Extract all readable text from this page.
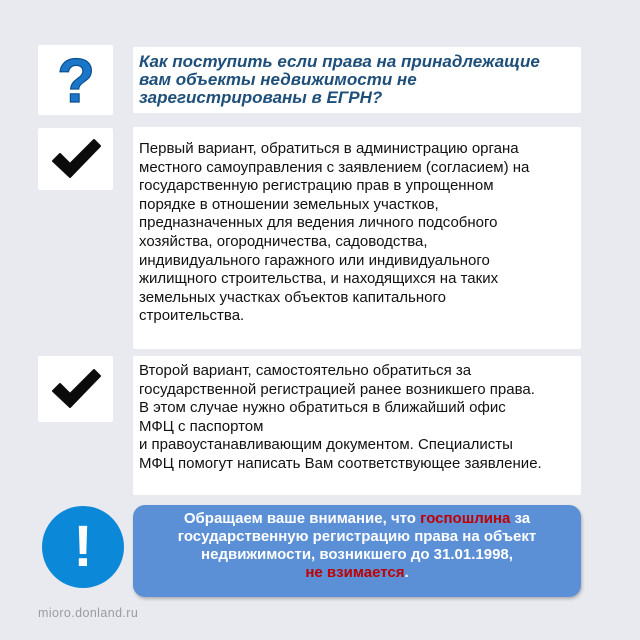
?	Как поступить если права на принадлежащие
вам объекты недвижимости не
зарегистрированы в ЕГРН?
Первый вариант, обратиться в администрацию органа
местного самоуправления с заявлением (согласием) на
государственную регистрацию прав в упрощенном
порядке в отношении земельных участков,
предназначенных для ведения личного подсобного
хозяйства, огородничества, садоводства,
индивидуального гаражного или индивидуального
жилищного строительства, и находящихся на таких
земельных участках объектов капитального
строительства.
Второй вариант, самостоятельно обратиться за
государственной регистрацией ранее возникшего права.
В этом случае нужно обратиться в ближайший офис
МФЦ с паспортом
и правоустанавливающим документом. Специалисты
МФЦ помогут написать Вам соответствующее заявление.
!	Обращаем ваше внимание, что госпошлина за
государственную регистрацию права на объект
недвижимости, возникшего до 31.01.1998,
не взимается.
mioro.donland.ru
